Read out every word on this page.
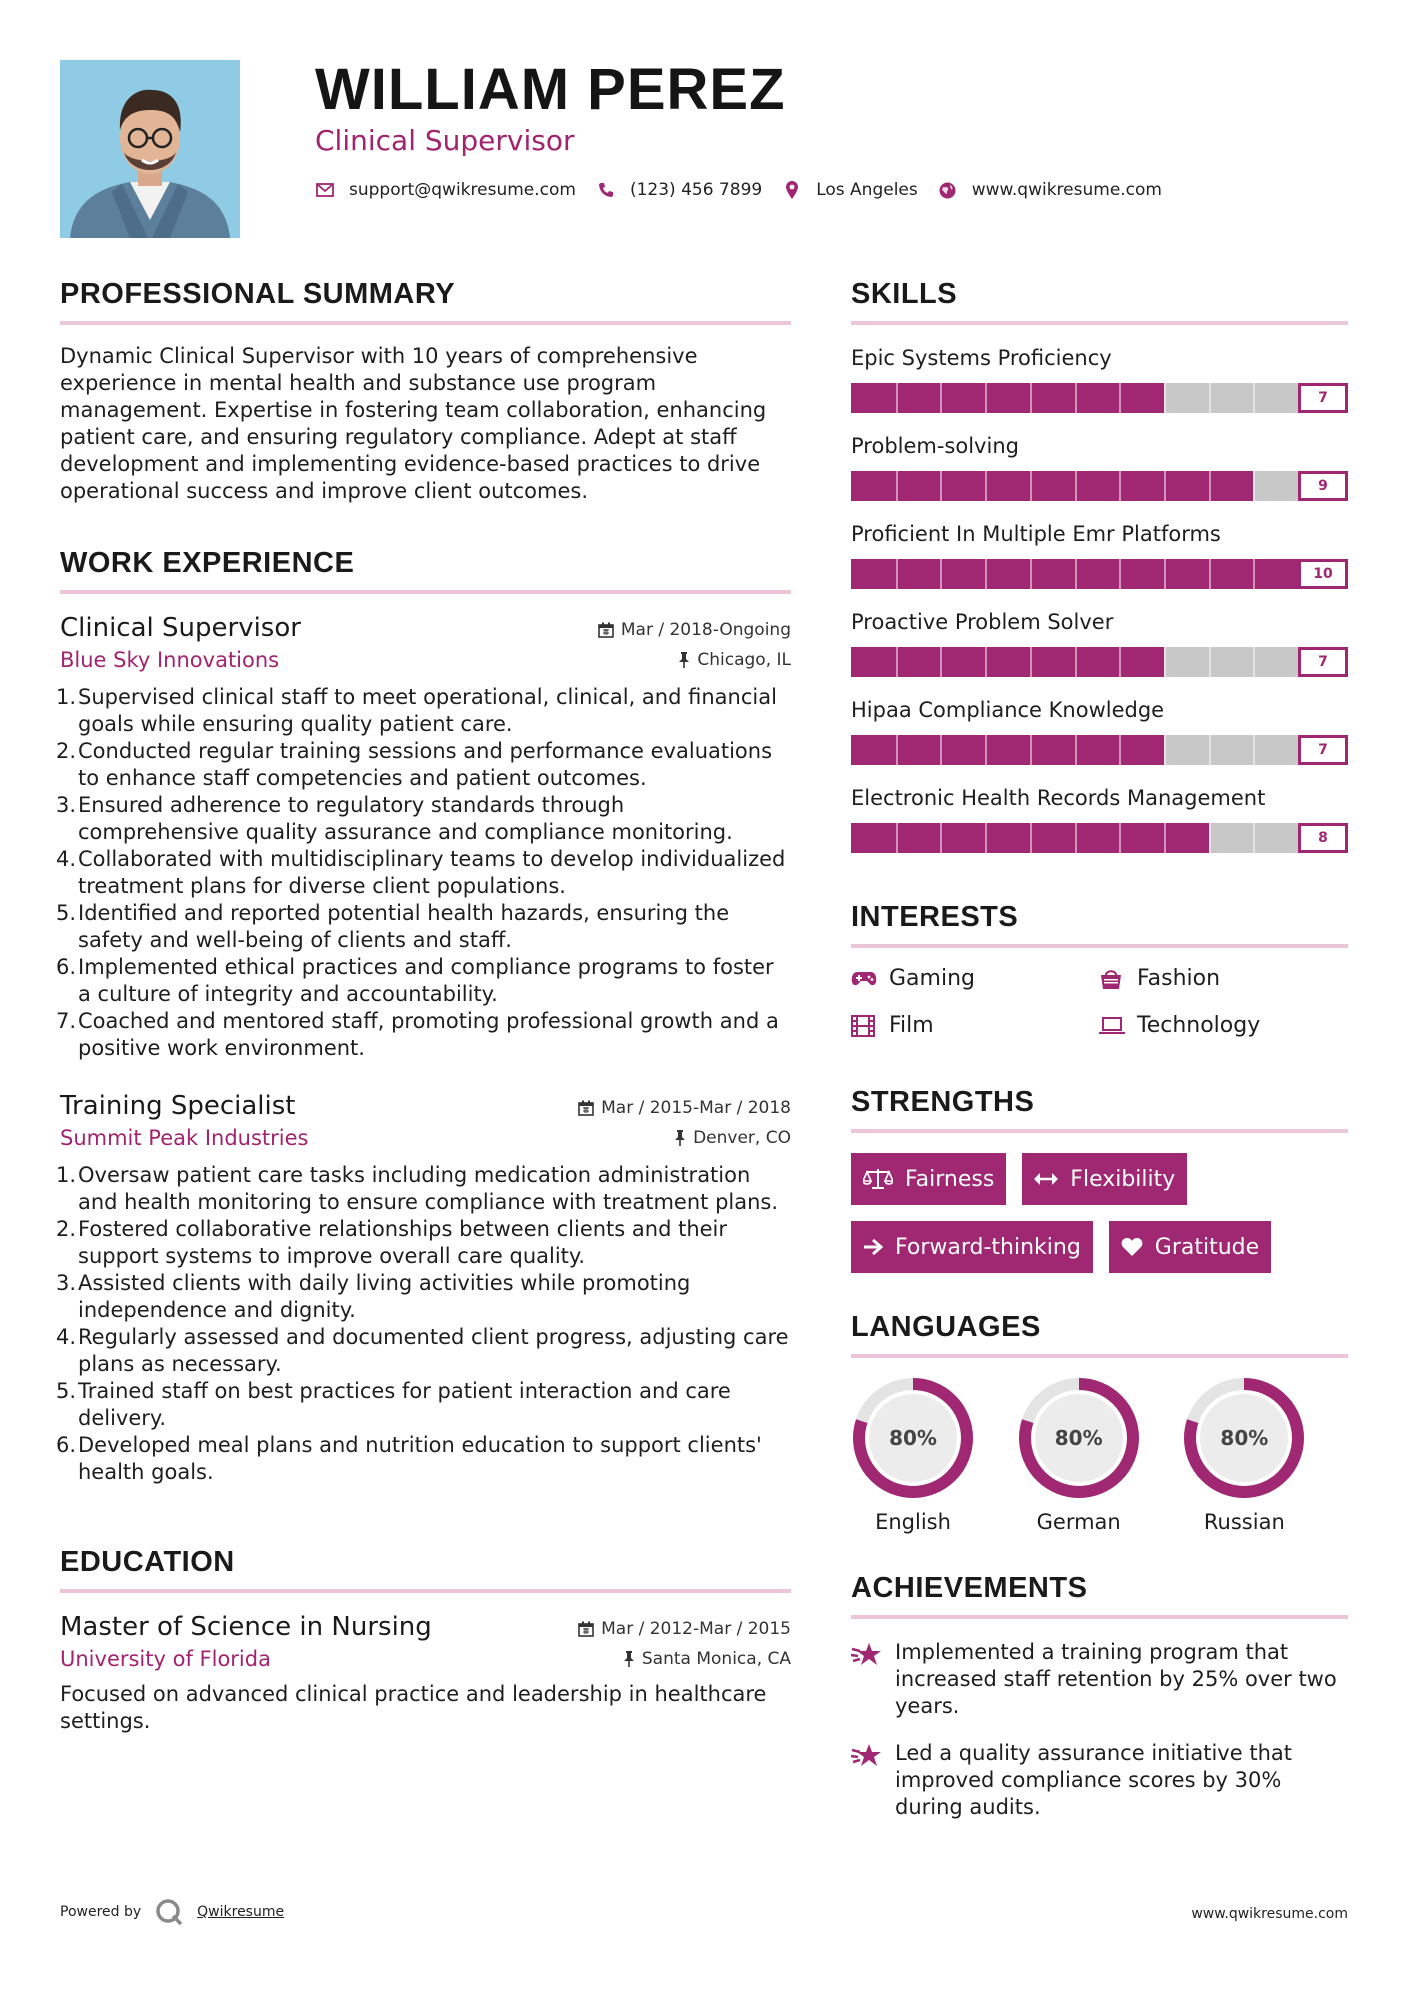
WILLIAM PEREZ
Clinical Supervisor
support@qwikresume.com	(123) 456 7899	Los Angeles	www.qwikresume.com
PROFESSIONAL SUMMARY
Dynamic Clinical Supervisor with 10 years of comprehensive experience in mental health and substance use program management. Expertise in fostering team collaboration, enhancing patient care, and ensuring regulatory compliance. Adept at staff development and implementing evidence-based practices to drive operational success and improve client outcomes.
WORK EXPERIENCE
Clinical Supervisor	Mar / 2018-Ongoing
Blue Sky Innovations	Chicago, IL
1. Supervised clinical staff to meet operational, clinical, and financial goals while ensuring quality patient care.
2. Conducted regular training sessions and performance evaluations to enhance staff competencies and patient outcomes.
3. Ensured adherence to regulatory standards through comprehensive quality assurance and compliance monitoring.
4. Collaborated with multidisciplinary teams to develop individualized treatment plans for diverse client populations.
5. Identified and reported potential health hazards, ensuring the safety and well-being of clients and staff.
6. Implemented ethical practices and compliance programs to foster a culture of integrity and accountability.
7. Coached and mentored staff, promoting professional growth and a positive work environment.
Training Specialist	Mar / 2015-Mar / 2018
Summit Peak Industries	Denver, CO
1. Oversaw patient care tasks including medication administration and health monitoring to ensure compliance with treatment plans.
2. Fostered collaborative relationships between clients and their support systems to improve overall care quality.
3. Assisted clients with daily living activities while promoting independence and dignity.
4. Regularly assessed and documented client progress, adjusting care plans as necessary.
5. Trained staff on best practices for patient interaction and care delivery.
6. Developed meal plans and nutrition education to support clients' health goals.
EDUCATION
Master of Science in Nursing	Mar / 2012-Mar / 2015
University of Florida	Santa Monica, CA
Focused on advanced clinical practice and leadership in healthcare settings.
SKILLS
Epic Systems Proficiency
7
Problem-solving
9
Proficient In Multiple Emr Platforms
10
Proactive Problem Solver
7
Hipaa Compliance Knowledge
7
Electronic Health Records Management
8
INTERESTS
Gaming	Fashion
Film	Technology
STRENGTHS
Fairness	Flexibility
Forward-thinking	Gratitude
LANGUAGES
80%
English
80%
German
80%
Russian
ACHIEVEMENTS
Implemented a training program that increased staff retention by 25% over two years.
Led a quality assurance initiative that improved compliance scores by 30% during audits.
Powered by	Qwikresume	www.qwikresume.com
